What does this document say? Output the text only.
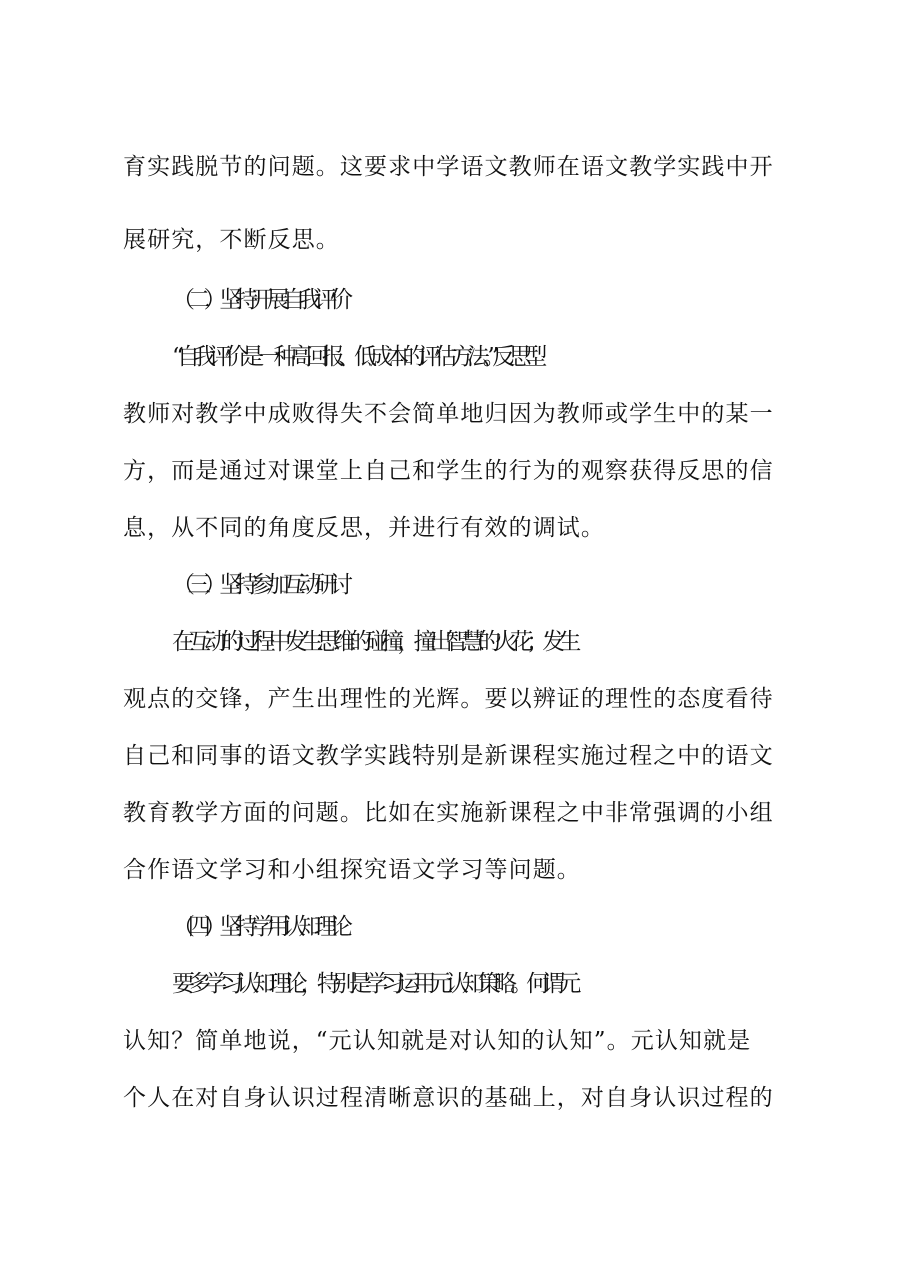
育实践脱节的问题。这要求中学语文教师在语文教学实践中开
展研究，不断反思。
（二）坚持开展自我评价
“自我评价是一种高回报、低成本的评估方法。”反思型
教师对教学中成败得失不会简单地归因为教师或学生中的某一
方，而是通过对课堂上自己和学生的行为的观察获得反思的信
息，从不同的角度反思，并进行有效的调试。
（三）坚持参加互动研讨
在互动的过程中发生思维的碰撞，撞出智慧的火花；发生
观点的交锋，产生出理性的光辉。要以辨证的理性的态度看待
自己和同事的语文教学实践特别是新课程实施过程之中的语文
教育教学方面的问题。比如在实施新课程之中非常强调的小组
合作语文学习和小组探究语文学习等问题。
（四）坚持学用认知理论
要多学习认知理论，特别是学习运用元认知策略。何谓元
认知？简单地说，“元认知就是对认知的认知”。元认知就是
个人在对自身认识过程清晰意识的基础上，对自身认识过程的
